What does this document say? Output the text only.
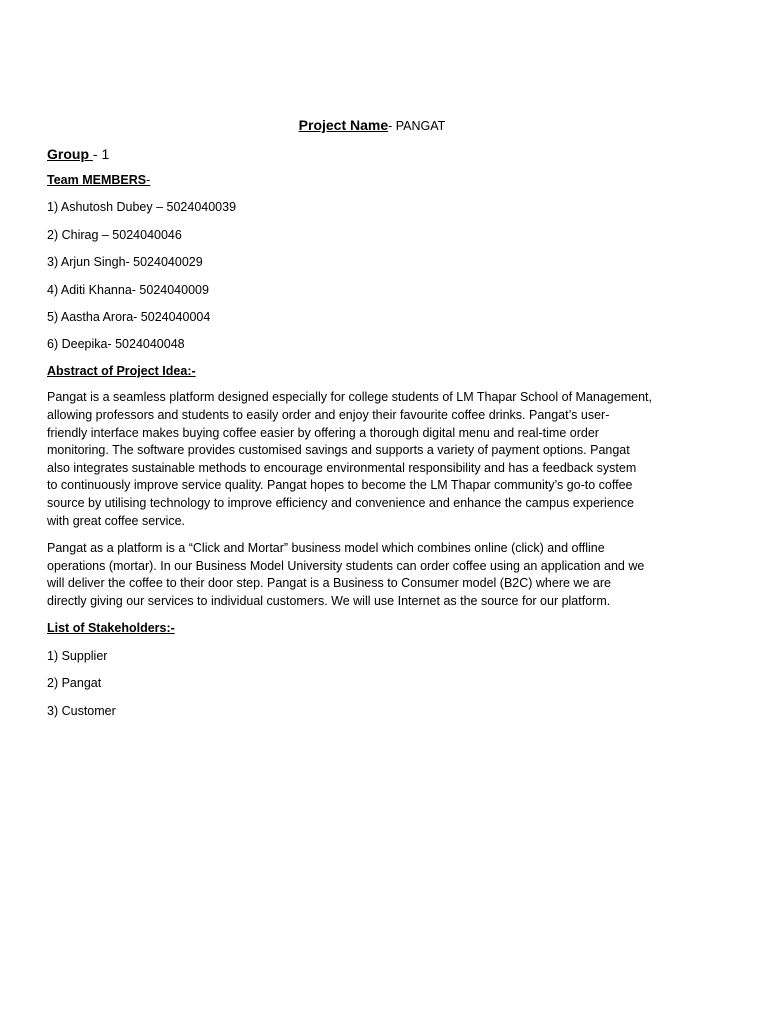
Project Name- PANGAT
Group - 1
Team MEMBERS-
1) Ashutosh Dubey – 5024040039
2) Chirag – 5024040046
3) Arjun Singh- 5024040029
4) Aditi Khanna- 5024040009
5) Aastha Arora- 5024040004
6) Deepika- 5024040048
Abstract of Project Idea:-
Pangat is a seamless platform designed especially for college students of LM Thapar School of Management,
allowing professors and students to easily order and enjoy their favourite coffee drinks. Pangat’s user-
friendly interface makes buying coffee easier by offering a thorough digital menu and real-time order
monitoring. The software provides customised savings and supports a variety of payment options. Pangat
also integrates sustainable methods to encourage environmental responsibility and has a feedback system
to continuously improve service quality. Pangat hopes to become the LM Thapar community’s go-to coffee
source by utilising technology to improve efficiency and convenience and enhance the campus experience
with great coffee service.
Pangat as a platform is a “Click and Mortar” business model which combines online (click) and offline
operations (mortar). In our Business Model University students can order coffee using an application and we
will deliver the coffee to their door step. Pangat is a Business to Consumer model (B2C) where we are
directly giving our services to individual customers. We will use Internet as the source for our platform.
List of Stakeholders:-
1) Supplier
2) Pangat
3) Customer
